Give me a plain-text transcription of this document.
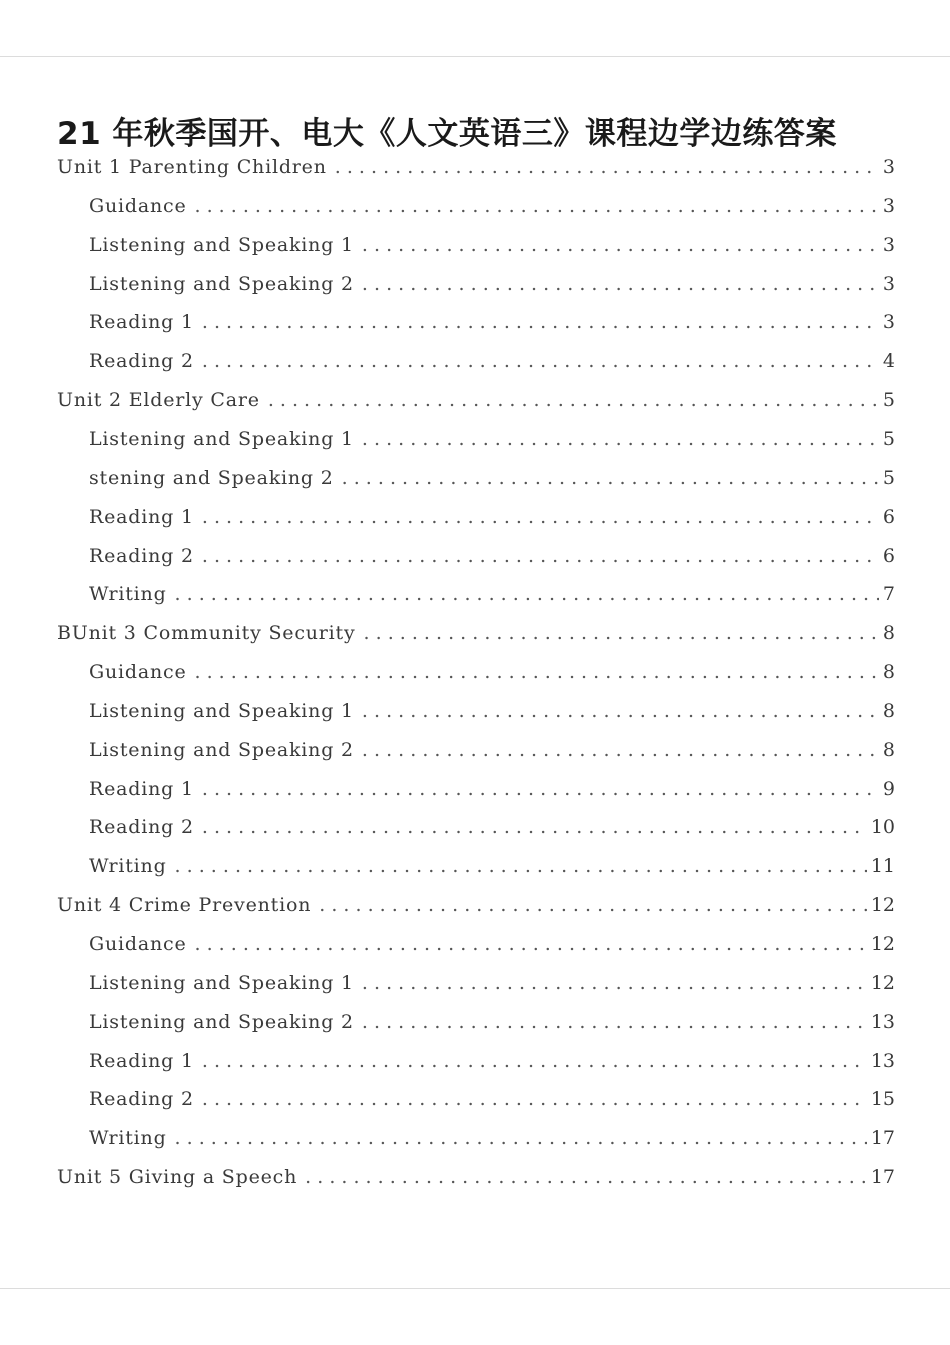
21 年秋季国开、电大《人文英语三》课程边学边练答案
Unit 1 Parenting Children . . .	3
Guidance . . .	3
Listening and Speaking 1 . . .	3
Listening and Speaking 2 . . .	3
Reading 1 . . .	3
Reading 2 . . .	4
Unit 2 Elderly Care . . .	5
Listening and Speaking 1 . . .	5
stening and Speaking 2 . . .	5
Reading 1 . . .	6
Reading 2 . . .	6
Writing . . .	7
BUnit 3 Community Security . . .	8
Guidance . . .	8
Listening and Speaking 1 . . .	8
Listening and Speaking 2 . . .	8
Reading 1 . . .	9
Reading 2 . . .	10
Writing . . .	11
Unit 4 Crime Prevention . . .	12
Guidance . . .	12
Listening and Speaking 1 . . .	12
Listening and Speaking 2 . . .	13
Reading 1 . . .	13
Reading 2 . . .	15
Writing . . .	17
Unit 5 Giving a Speech . . .	17
